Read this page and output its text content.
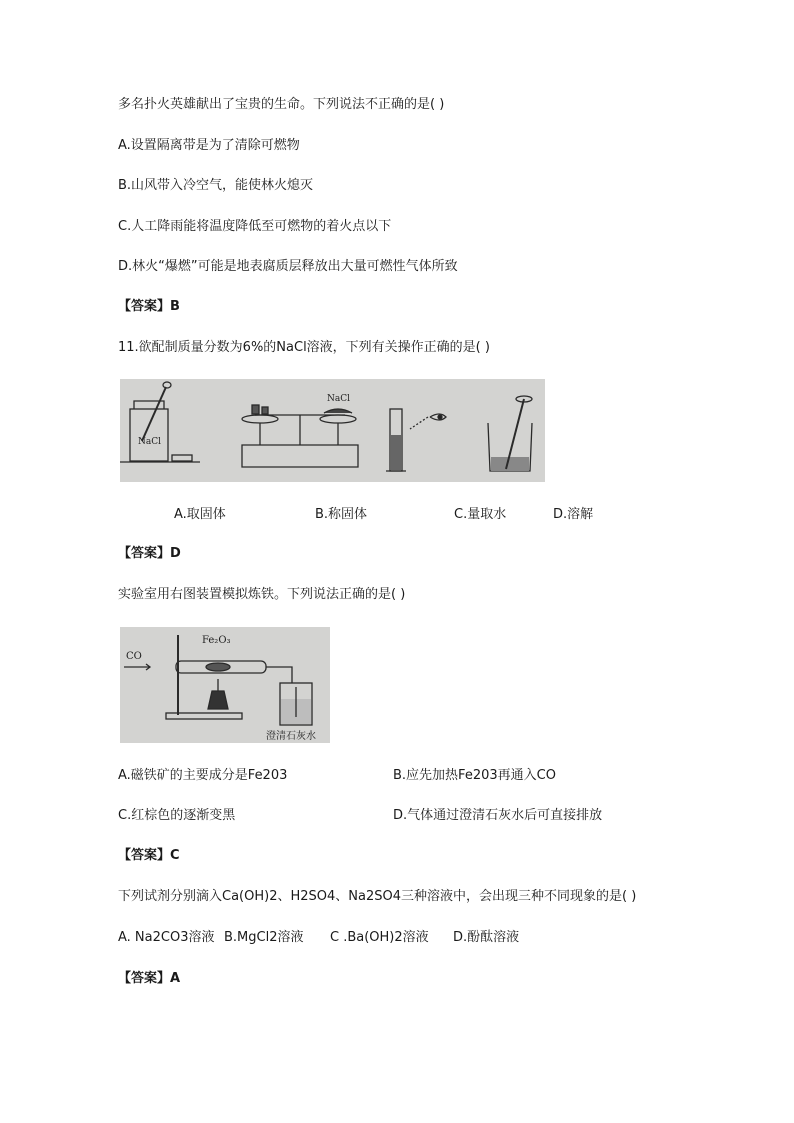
多名扑火英雄献出了宝贵的生命。下列说法不正确的是( )
A.设置隔离带是为了清除可燃物
B.山风带入冷空气，能使林火熄灭
C.人工降雨能将温度降低至可燃物的着火点以下
D.林火“爆燃”可能是地表腐质层释放出大量可燃性气体所致
【答案】B
11.欲配制质量分数为6%的NaCl溶液，下列有关操作正确的是( )
NaCl
NaCl
A.取固体	B.称固体	C.量取水	D.溶解
【答案】D
实验室用右图装置模拟炼铁。下列说法正确的是( )
CO
Fe₂O₃
澄清石灰水
A.磁铁矿的主要成分是Fe203	B.应先加热Fe203再通入CO
C.红棕色的逐渐变黑	D.气体通过澄清石灰水后可直接排放
【答案】C
下列试剂分别滴入Ca(OH)2、H2SO4、Na2SO4三种溶液中，会出现三种不同现象的是( )
A. Na2CO3溶液 B.MgCl2溶液 C .Ba(OH)2溶液 D.酚酞溶液
【答案】A
